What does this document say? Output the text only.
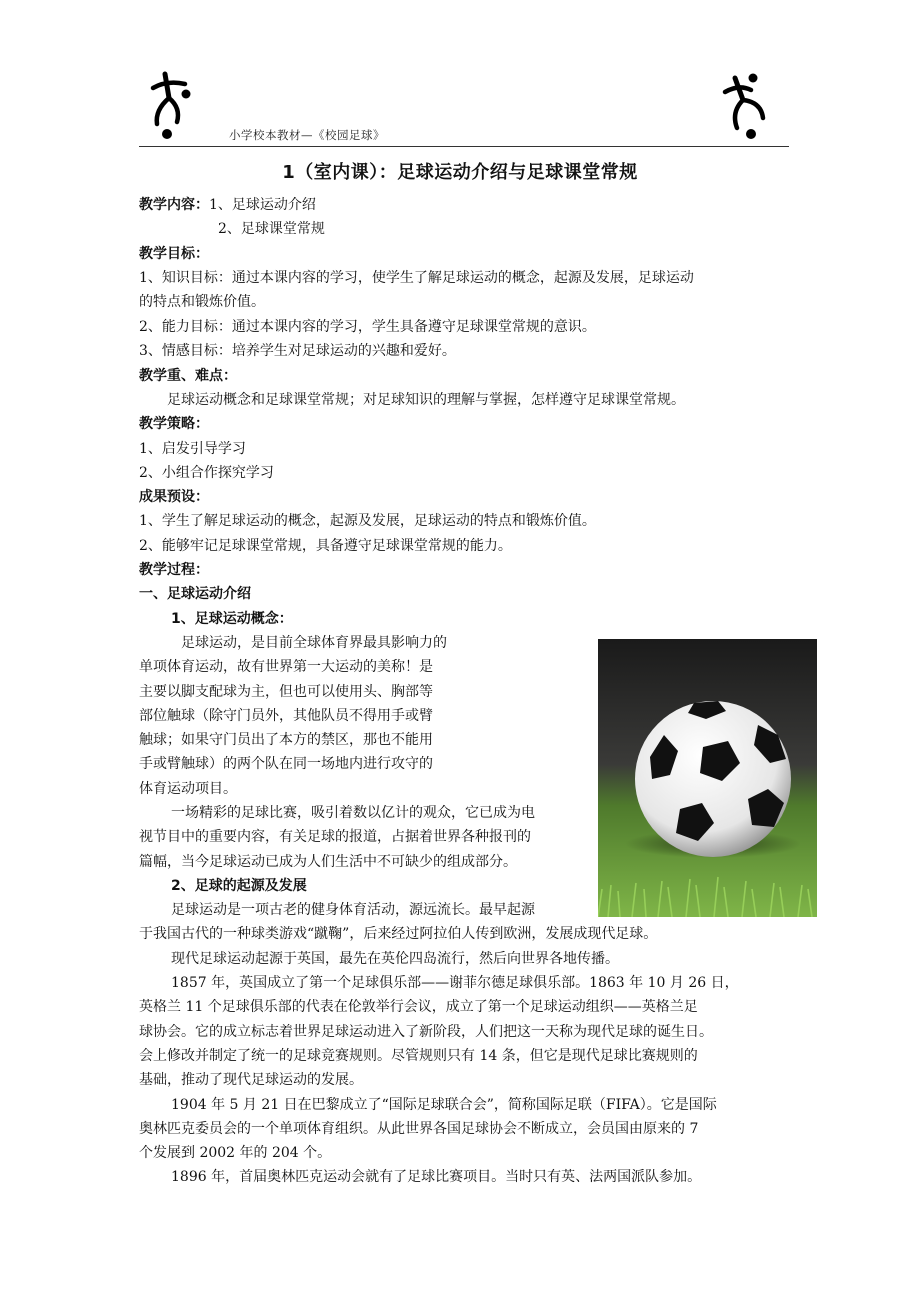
小学校本教材—《校园足球》
1（室内课）：足球运动介绍与足球课堂常规
教学内容：1、足球运动介绍
2、足球课堂常规
教学目标：
1、知识目标：通过本课内容的学习，使学生了解足球运动的概念，起源及发展，足球运动
的特点和锻炼价值。
2、能力目标：通过本课内容的学习，学生具备遵守足球课堂常规的意识。
3、情感目标：培养学生对足球运动的兴趣和爱好。
教学重、难点：
足球运动概念和足球课堂常规；对足球知识的理解与掌握，怎样遵守足球课堂常规。
教学策略：
1、启发引导学习
2、小组合作探究学习
成果预设：
1、学生了解足球运动的概念，起源及发展，足球运动的特点和锻炼价值。
2、能够牢记足球课堂常规，具备遵守足球课堂常规的能力。
教学过程：
一、足球运动介绍
1、足球运动概念：
足球运动，是目前全球体育界最具影响力的
单项体育运动，故有世界第一大运动的美称！是
主要以脚支配球为主，但也可以使用头、胸部等
部位触球（除守门员外，其他队员不得用手或臂
触球；如果守门员出了本方的禁区，那也不能用
手或臂触球）的两个队在同一场地内进行攻守的
体育运动项目。
一场精彩的足球比赛，吸引着数以亿计的观众，它已成为电
视节目中的重要内容，有关足球的报道，占据着世界各种报刊的
篇幅，当今足球运动已成为人们生活中不可缺少的组成部分。
2、足球的起源及发展
足球运动是一项古老的健身体育活动，源远流长。最早起源
于我国古代的一种球类游戏“蹴鞠”，后来经过阿拉伯人传到欧洲，发展成现代足球。
现代足球运动起源于英国，最先在英伦四岛流行，然后向世界各地传播。
1857 年，英国成立了第一个足球俱乐部——谢菲尔德足球俱乐部。1863 年 10 月 26 日，
英格兰 11 个足球俱乐部的代表在伦敦举行会议，成立了第一个足球运动组织——英格兰足
球协会。它的成立标志着世界足球运动进入了新阶段，人们把这一天称为现代足球的诞生日。
会上修改并制定了统一的足球竞赛规则。尽管规则只有 14 条，但它是现代足球比赛规则的
基础，推动了现代足球运动的发展。
1904 年 5 月 21 日在巴黎成立了“国际足球联合会”，简称国际足联（FIFA）。它是国际
奥林匹克委员会的一个单项体育组织。从此世界各国足球协会不断成立，会员国由原来的 7
个发展到 2002 年的 204 个。
1896 年，首届奥林匹克运动会就有了足球比赛项目。当时只有英、法两国派队参加。
